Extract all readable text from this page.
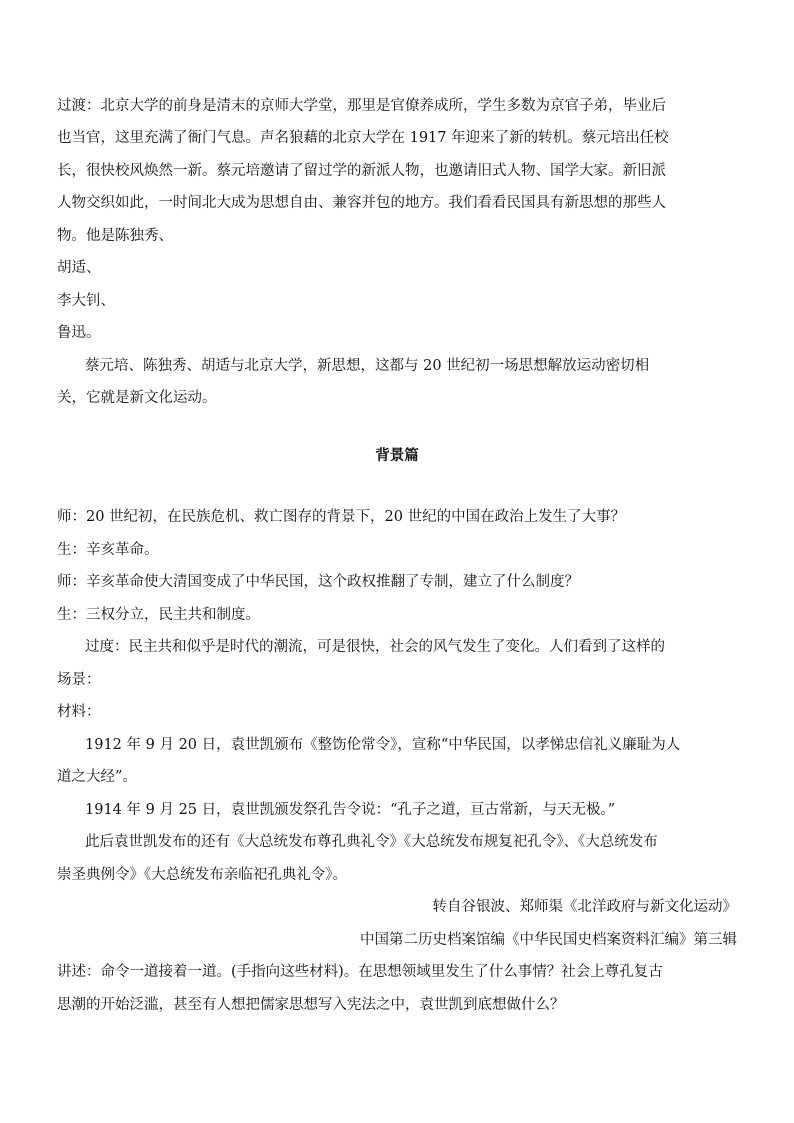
过渡：北京大学的前身是清末的京师大学堂，那里是官僚养成所，学生多数为京官子弟，毕业后
也当官，这里充满了衙门气息。声名狼藉的北京大学在 1917 年迎来了新的转机。蔡元培出任校
长，很快校风焕然一新。蔡元培邀请了留过学的新派人物，也邀请旧式人物、国学大家。新旧派
人物交织如此，一时间北大成为思想自由、兼容并包的地方。我们看看民国具有新思想的那些人
物。他是陈独秀、
胡适、
李大钊、
鲁迅。
蔡元培、陈独秀、胡适与北京大学，新思想，这都与 20 世纪初一场思想解放运动密切相
关，它就是新文化运动。
背景篇
师：20 世纪初，在民族危机、救亡图存的背景下，20 世纪的中国在政治上发生了大事？
生：辛亥革命。
师：辛亥革命使大清国变成了中华民国，这个政权推翻了专制，建立了什么制度？
生：三权分立，民主共和制度。
过度：民主共和似乎是时代的潮流，可是很快，社会的风气发生了变化。人们看到了这样的
场景：
材料：
1912 年 9 月 20 日，袁世凯颁布《整饬伦常令》，宣称“中华民国，以孝悌忠信礼义廉耻为人
道之大经”。
1914 年 9 月 25 日，袁世凯颁发祭孔告令说：“孔子之道，亘古常新，与天无极。”
此后袁世凯发布的还有《大总统发布尊孔典礼令》《大总统发布规复祀孔令》、《大总统发布
崇圣典例令》《大总统发布亲临祀孔典礼令》。
转自谷银波、郑师渠《北洋政府与新文化运动》
中国第二历史档案馆编《中华民国史档案资料汇编》第三辑
讲述：命令一道接着一道。(手指向这些材料)。在思想领域里发生了什么事情？社会上尊孔复古
思潮的开始泛滥，甚至有人想把儒家思想写入宪法之中，袁世凯到底想做什么？
